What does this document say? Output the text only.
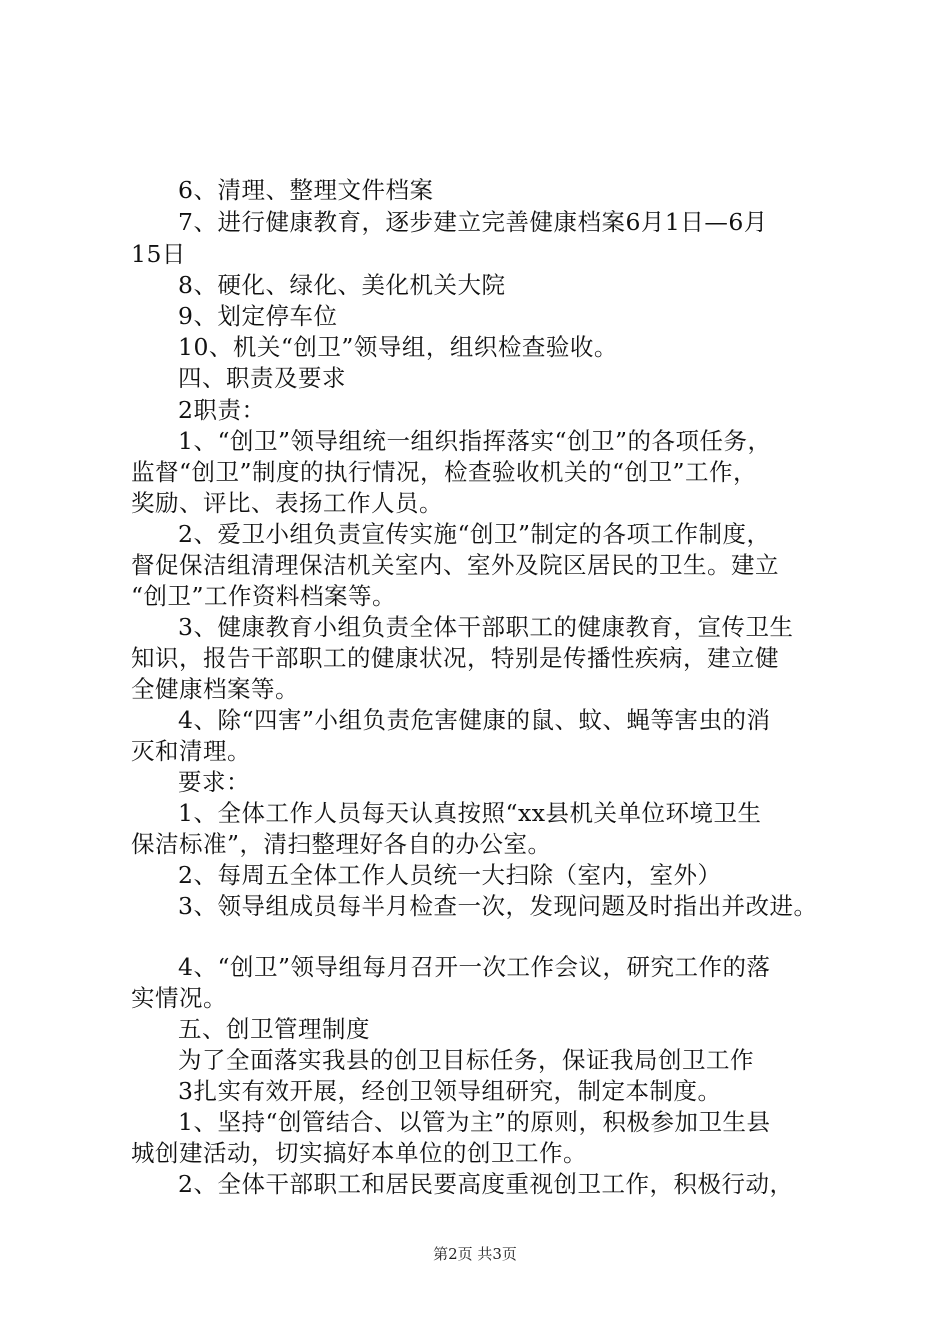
6、清理、整理文件档案
7、进行健康教育，逐步建立完善健康档案6月1日—6月
15日
8、硬化、绿化、美化机关大院
9、划定停车位
10、机关“创卫”领导组，组织检查验收。
四、职责及要求
2职责：
1、“创卫”领导组统一组织指挥落实“创卫”的各项任务，
监督“创卫”制度的执行情况，检查验收机关的“创卫”工作，
奖励、评比、表扬工作人员。
2、爱卫小组负责宣传实施“创卫”制定的各项工作制度，
督促保洁组清理保洁机关室内、室外及院区居民的卫生。建立
“创卫”工作资料档案等。
3、健康教育小组负责全体干部职工的健康教育，宣传卫生
知识，报告干部职工的健康状况，特别是传播性疾病，建立健
全健康档案等。
4、除“四害”小组负责危害健康的鼠、蚊、蝇等害虫的消
灭和清理。
要求：
1、全体工作人员每天认真按照“xx县机关单位环境卫生
保洁标准”，清扫整理好各自的办公室。
2、每周五全体工作人员统一大扫除（室内，室外）
3、领导组成员每半月检查一次，发现问题及时指出并改进。
4、“创卫”领导组每月召开一次工作会议，研究工作的落
实情况。
五、创卫管理制度
为了全面落实我县的创卫目标任务，保证我局创卫工作
3扎实有效开展，经创卫领导组研究，制定本制度。
1、坚持“创管结合、以管为主”的原则，积极参加卫生县
城创建活动，切实搞好本单位的创卫工作。
2、全体干部职工和居民要高度重视创卫工作，积极行动，
第2页 共3页
